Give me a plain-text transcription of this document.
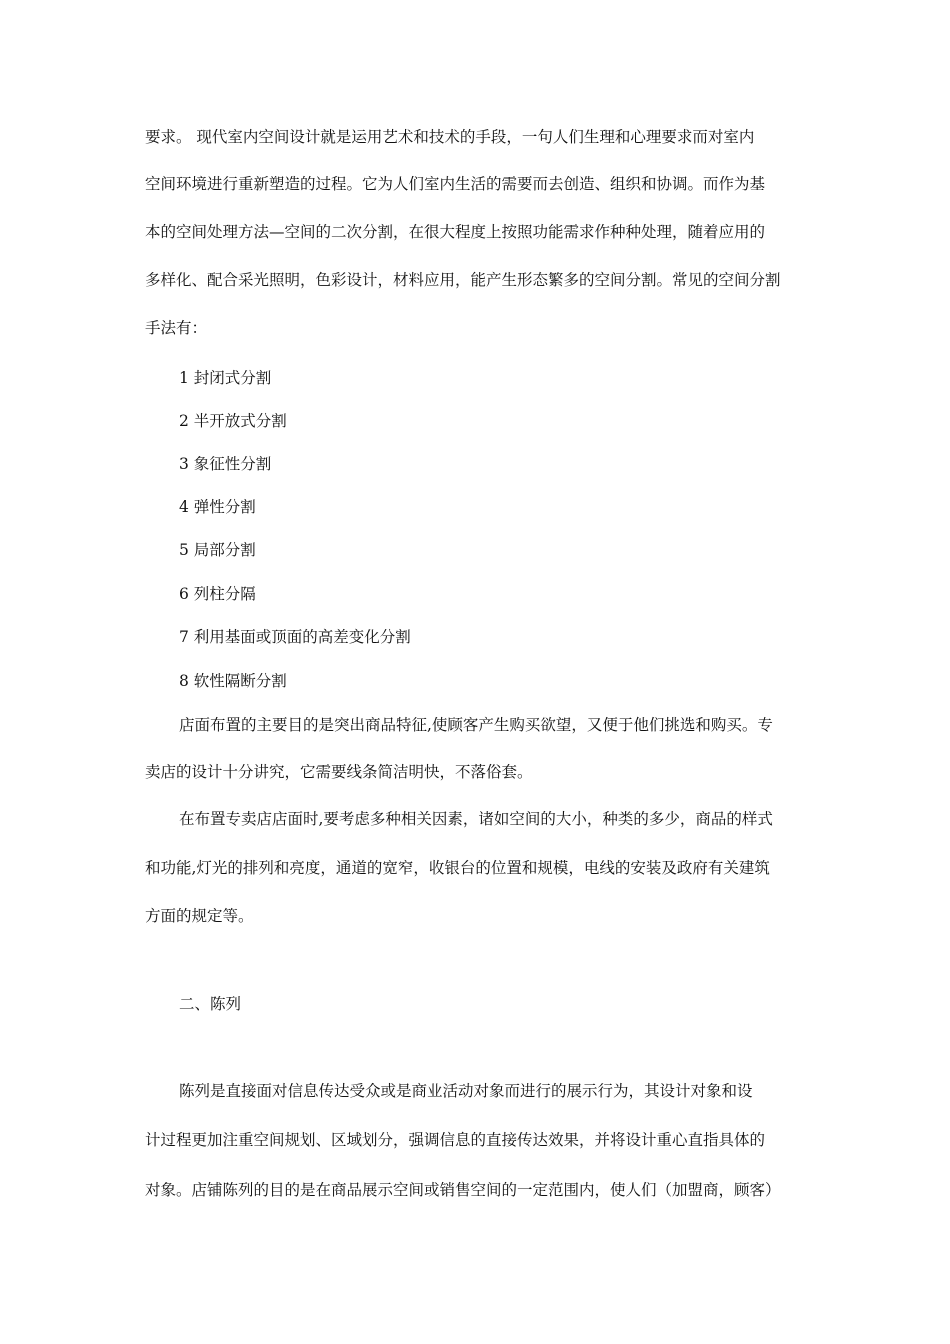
要求。 现代室内空间设计就是运用艺术和技术的手段，一句人们生理和心理要求而对室内
空间环境进行重新塑造的过程。它为人们室内生活的需要而去创造、组织和协调。而作为基
本的空间处理方法—空间的二次分割，在很大程度上按照功能需求作种种处理，随着应用的
多样化、配合采光照明，色彩设计，材料应用，能产生形态繁多的空间分割。常见的空间分割
手法有：
1 封闭式分割
2 半开放式分割
3 象征性分割
4 弹性分割
5 局部分割
6 列柱分隔
7 利用基面或顶面的高差变化分割
8 软性隔断分割
店面布置的主要目的是突出商品特征,使顾客产生购买欲望，又便于他们挑选和购买。专
卖店的设计十分讲究，它需要线条简洁明快，不落俗套。
在布置专卖店店面时,要考虑多种相关因素，诸如空间的大小，种类的多少，商品的样式
和功能,灯光的排列和亮度，通道的宽窄，收银台的位置和规模，电线的安装及政府有关建筑
方面的规定等。
二、陈列
陈列是直接面对信息传达受众或是商业活动对象而进行的展示行为，其设计对象和设
计过程更加注重空间规划、区域划分，强调信息的直接传达效果，并将设计重心直指具体的
对象。店铺陈列的目的是在商品展示空间或销售空间的一定范围内，使人们（加盟商，顾客）
